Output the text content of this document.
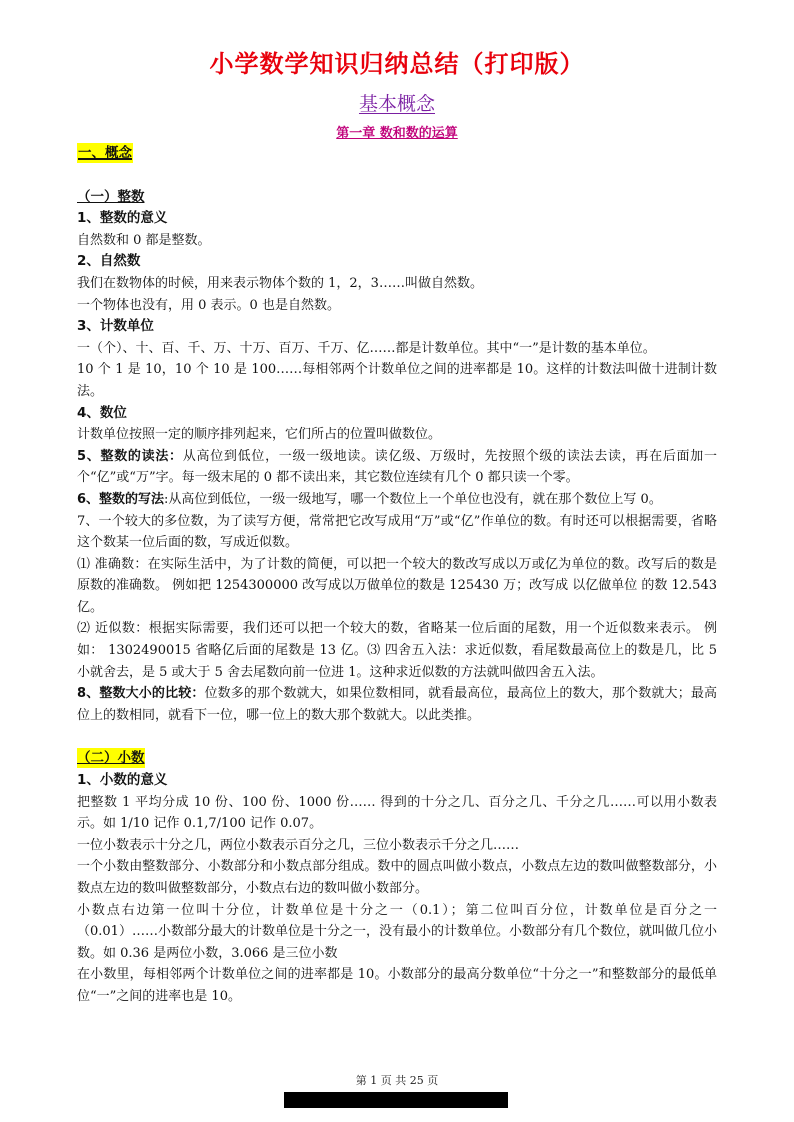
小学数学知识归纳总结（打印版）
基本概念
第一章 数和数的运算

一、概念

（一）整数

1、整数的意义

自然数和 0 都是整数。

2、自然数

我们在数物体的时候，用来表示物体个数的 1，2，3……叫做自然数。

一个物体也没有，用 0 表示。0 也是自然数。

3、计数单位

一（个）、十、百、千、万、十万、百万、千万、亿……都是计数单位。其中“一”是计数的基本单位。

10 个 1 是 10，10 个 10 是 100……每相邻两个计数单位之间的进率都是 10。这样的计数法叫做十进制计数法。

4、数位

计数单位按照一定的顺序排列起来，它们所占的位置叫做数位。

5、整数的读法：从高位到低位，一级一级地读。读亿级、万级时，先按照个级的读法去读，再在后面加一个“亿”或“万”字。每一级末尾的 0 都不读出来，其它数位连续有几个 0 都只读一个零。

6、整数的写法:从高位到低位，一级一级地写，哪一个数位上一个单位也没有，就在那个数位上写 0。

7、一个较大的多位数，为了读写方便，常常把它改写成用“万”或“亿”作单位的数。有时还可以根据需要，省略这个数某一位后面的数，写成近似数。

⑴ 准确数：在实际生活中，为了计数的简便，可以把一个较大的数改写成以万或亿为单位的数。改写后的数是原数的准确数。 例如把 1254300000 改写成以万做单位的数是 125430 万；改写成 以亿做单位 的数 12.543 亿。

⑵ 近似数：根据实际需要，我们还可以把一个较大的数，省略某一位后面的尾数，用一个近似数来表示。 例如： 1302490015 省略亿后面的尾数是 13 亿。⑶ 四舍五入法：求近似数，看尾数最高位上的数是几，比 5 小就舍去，是 5 或大于 5 舍去尾数向前一位进 1。这种求近似数的方法就叫做四舍五入法。

8、整数大小的比较：位数多的那个数就大，如果位数相同，就看最高位，最高位上的数大，那个数就大；最高位上的数相同，就看下一位，哪一位上的数大那个数就大。以此类推。

（二）小数

1、小数的意义

把整数 1 平均分成 10 份、100 份、1000 份…… 得到的十分之几、百分之几、千分之几……可以用小数表示。如 1/10 记作 0.1,7/100 记作 0.07。

一位小数表示十分之几，两位小数表示百分之几，三位小数表示千分之几……

一个小数由整数部分、小数部分和小数点部分组成。数中的圆点叫做小数点，小数点左边的数叫做整数部分，小数点左边的数叫做整数部分，小数点右边的数叫做小数部分。

小数点右边第一位叫十分位，计数单位是十分之一（0.1）；第二位叫百分位，计数单位是百分之一（0.01）……小数部分最大的计数单位是十分之一，没有最小的计数单位。小数部分有几个数位，就叫做几位小数。如 0.36 是两位小数，3.066 是三位小数

在小数里，每相邻两个计数单位之间的进率都是 10。小数部分的最高分数单位“十分之一”和整数部分的最低单位“一”之间的进率也是 10。

第 1 页 共 25 页
